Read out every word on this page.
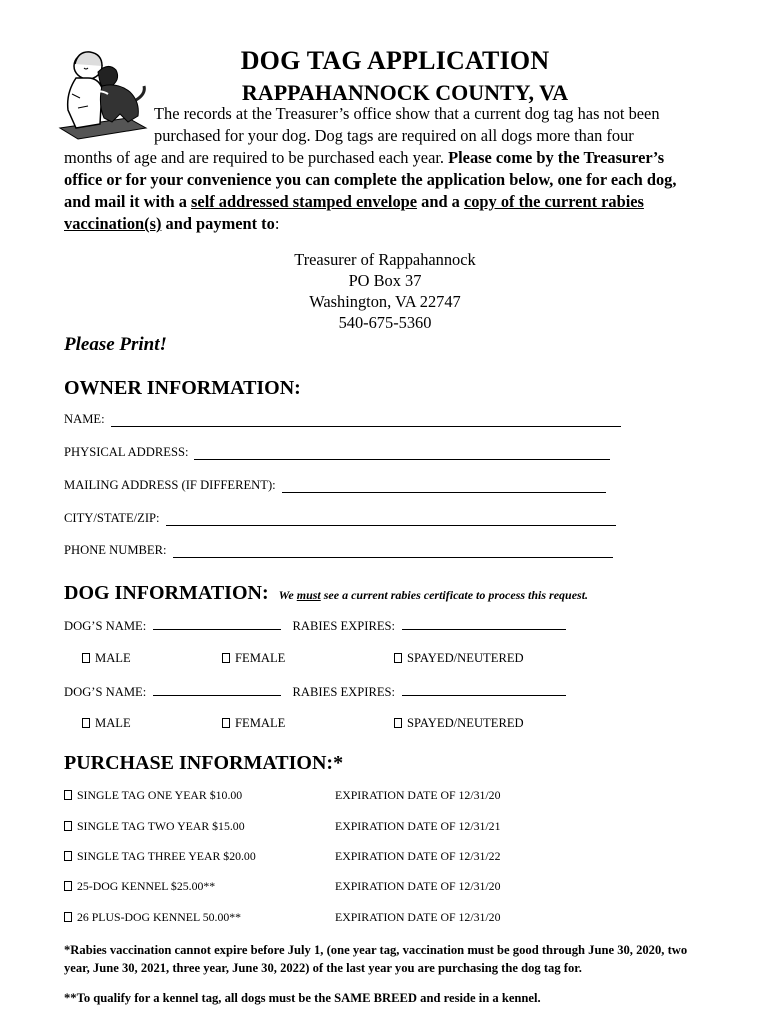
DOG TAG APPLICATION
RAPPAHANNOCK COUNTY, VA
The records at the Treasurer’s office show that a current dog tag has not been
purchased for your dog. Dog tags are required on all dogs more than four
months of age and are required to be purchased each year. Please come by the Treasurer’s office or for your convenience you can complete the application below, one for each dog, and mail it with a self addressed stamped envelope and a copy of the current rabies vaccination(s) and payment to:
Treasurer of Rappahannock
PO Box 37
Washington, VA 22747
540-675-5360
Please Print!
OWNER INFORMATION:
NAME:
PHYSICAL ADDRESS:
MAILING ADDRESS (IF DIFFERENT):
CITY/STATE/ZIP:
PHONE NUMBER:
DOG INFORMATION: We must see a current rabies certificate to process this request.
DOG’S NAME:	RABIES EXPIRES:
MALE	FEMALE	SPAYED/NEUTERED
DOG’S NAME:	RABIES EXPIRES:
MALE	FEMALE	SPAYED/NEUTERED
PURCHASE INFORMATION:*
SINGLE TAG ONE YEAR $10.00	EXPIRATION DATE OF 12/31/20
SINGLE TAG TWO YEAR $15.00	EXPIRATION DATE OF 12/31/21
SINGLE TAG THREE YEAR $20.00	EXPIRATION DATE OF 12/31/22
25-DOG KENNEL $25.00**	EXPIRATION DATE OF 12/31/20
26 PLUS-DOG KENNEL 50.00**	EXPIRATION DATE OF 12/31/20
*Rabies vaccination cannot expire before July 1, (one year tag, vaccination must be good through June 30, 2020, two year, June 30, 2021, three year, June 30, 2022) of the last year you are purchasing the dog tag for.
**To qualify for a kennel tag, all dogs must be the SAME BREED and reside in a kennel.
